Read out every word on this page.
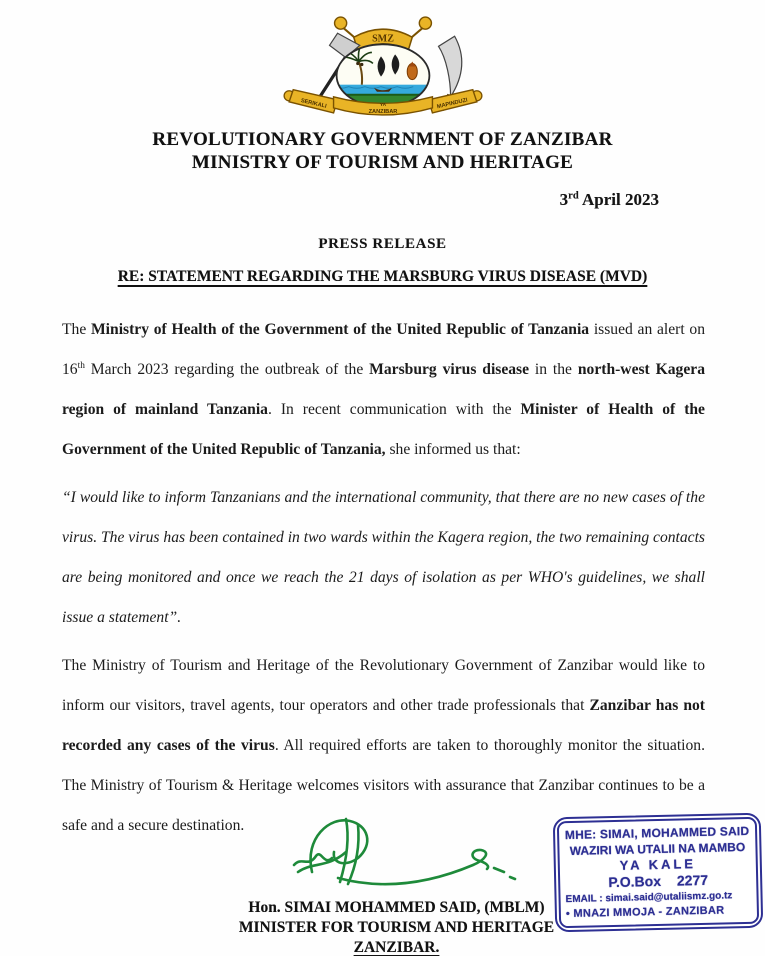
SMZ
SERIKALI	MAPINDUZI
YA
ZANZIBAR
REVOLUTIONARY GOVERNMENT OF ZANZIBAR
MINISTRY OF TOURISM AND HERITAGE
3rd April 2023
PRESS RELEASE
RE: STATEMENT REGARDING THE MARSBURG VIRUS DISEASE (MVD)

The Ministry of Health of the Government of the United Republic of Tanzania issued an alert on 16th March 2023 regarding the outbreak of the Marsburg virus disease in the north-west Kagera region of mainland Tanzania. In recent communication with the Minister of Health of the Government of the United Republic of Tanzania, she informed us that:

“I would like to inform Tanzanians and the international community, that there are no new cases of the virus. The virus has been contained in two wards within the Kagera region, the two remaining contacts are being monitored and once we reach the 21 days of isolation as per WHO's guidelines, we shall issue a statement”.

The Ministry of Tourism and Heritage of the Revolutionary Government of Zanzibar would like to inform our visitors, travel agents, tour operators and other trade professionals that Zanzibar has not recorded any cases of the virus. All required efforts are taken to thoroughly monitor the situation. The Ministry of Tourism & Heritage welcomes visitors with assurance that Zanzibar continues to be a safe and a secure destination.

Hon. SIMAI MOHAMMED SAID, (MBLM)
MINISTER FOR TOURISM AND HERITAGE
ZANZIBAR.
MHE: SIMAI, MOHAMMED SAID
WAZIRI WA UTALII NA MAMBO
YA KALE
P.O.Box 2277
EMAIL : simai.said@utaliismz.go.tz
• MNAZI MMOJA - ZANZIBAR
